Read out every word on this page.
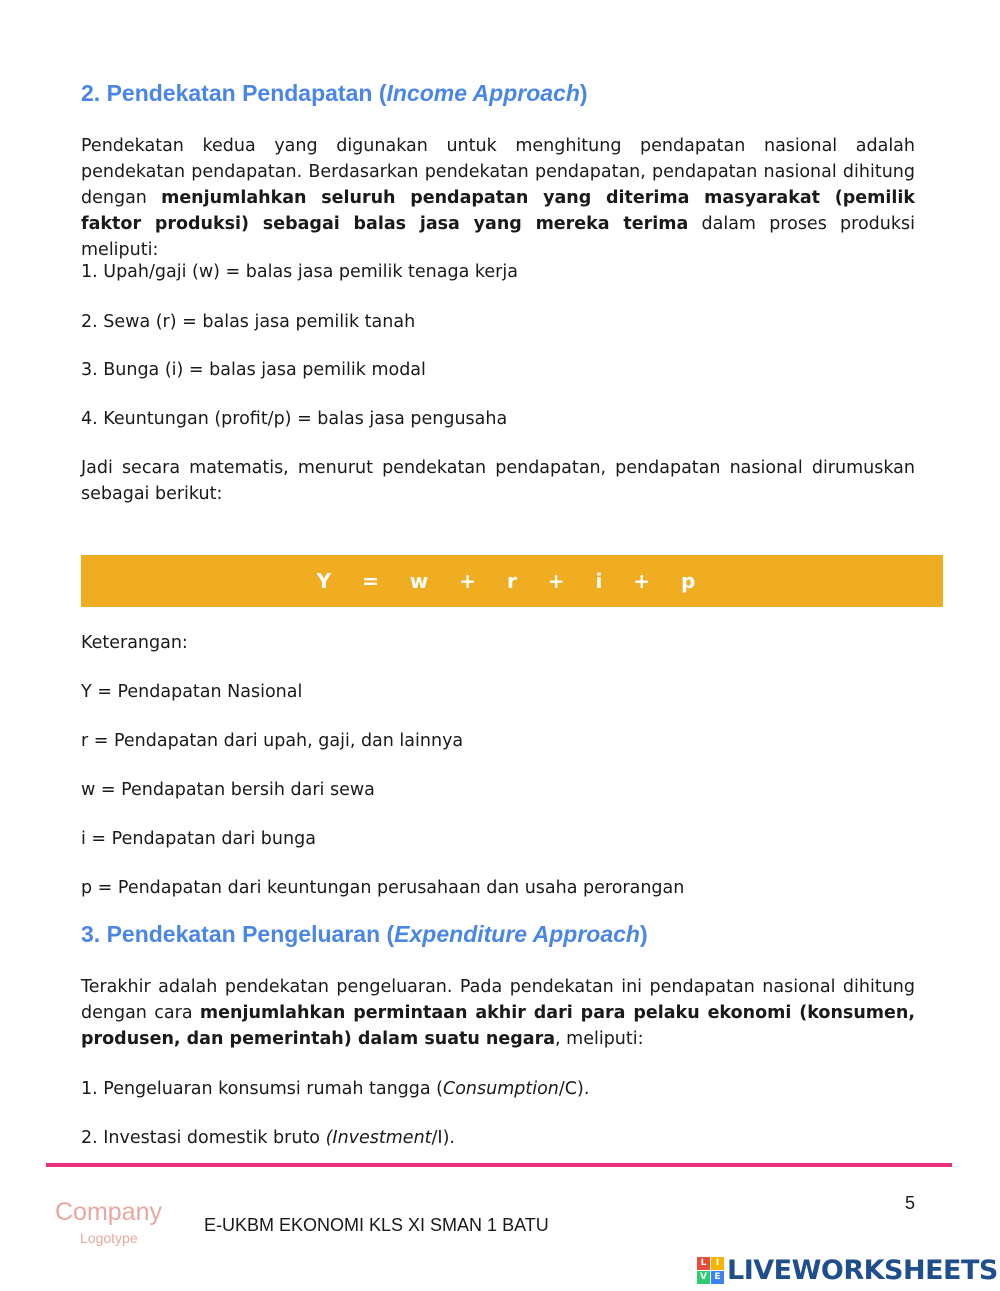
2. Pendekatan Pendapatan (Income Approach)

Pendekatan kedua yang digunakan untuk menghitung pendapatan nasional adalah pendekatan pendapatan. Berdasarkan pendekatan pendapatan, pendapatan nasional dihitung dengan menjumlahkan seluruh pendapatan yang diterima masyarakat (pemilik faktor produksi) sebagai balas jasa yang mereka terima dalam proses produksi meliputi:

1. Upah/gaji (w) = balas jasa pemilik tenaga kerja

2. Sewa (r) = balas jasa pemilik tanah

3. Bunga (i) = balas jasa pemilik modal

4. Keuntungan (profit/p) = balas jasa pengusaha

Jadi secara matematis, menurut pendekatan pendapatan, pendapatan nasional dirumuskan sebagai berikut:

Y = w + r + i + p

Keterangan:

Y = Pendapatan Nasional

r = Pendapatan dari upah, gaji, dan lainnya

w = Pendapatan bersih dari sewa

i = Pendapatan dari bunga

p = Pendapatan dari keuntungan perusahaan dan usaha perorangan

3. Pendekatan Pengeluaran (Expenditure Approach)

Terakhir adalah pendekatan pengeluaran. Pada pendekatan ini pendapatan nasional dihitung dengan cara menjumlahkan permintaan akhir dari para pelaku ekonomi (konsumen, produsen, dan pemerintah) dalam suatu negara, meliputi:

1. Pengeluaran konsumsi rumah tangga (Consumption/C).

2. Investasi domestik bruto (Investment/I).

Company
Logotype
E-UKBM EKONOMI KLS XI SMAN 1 BATU
5
L	I
V E LIVEWORKSHEETS
